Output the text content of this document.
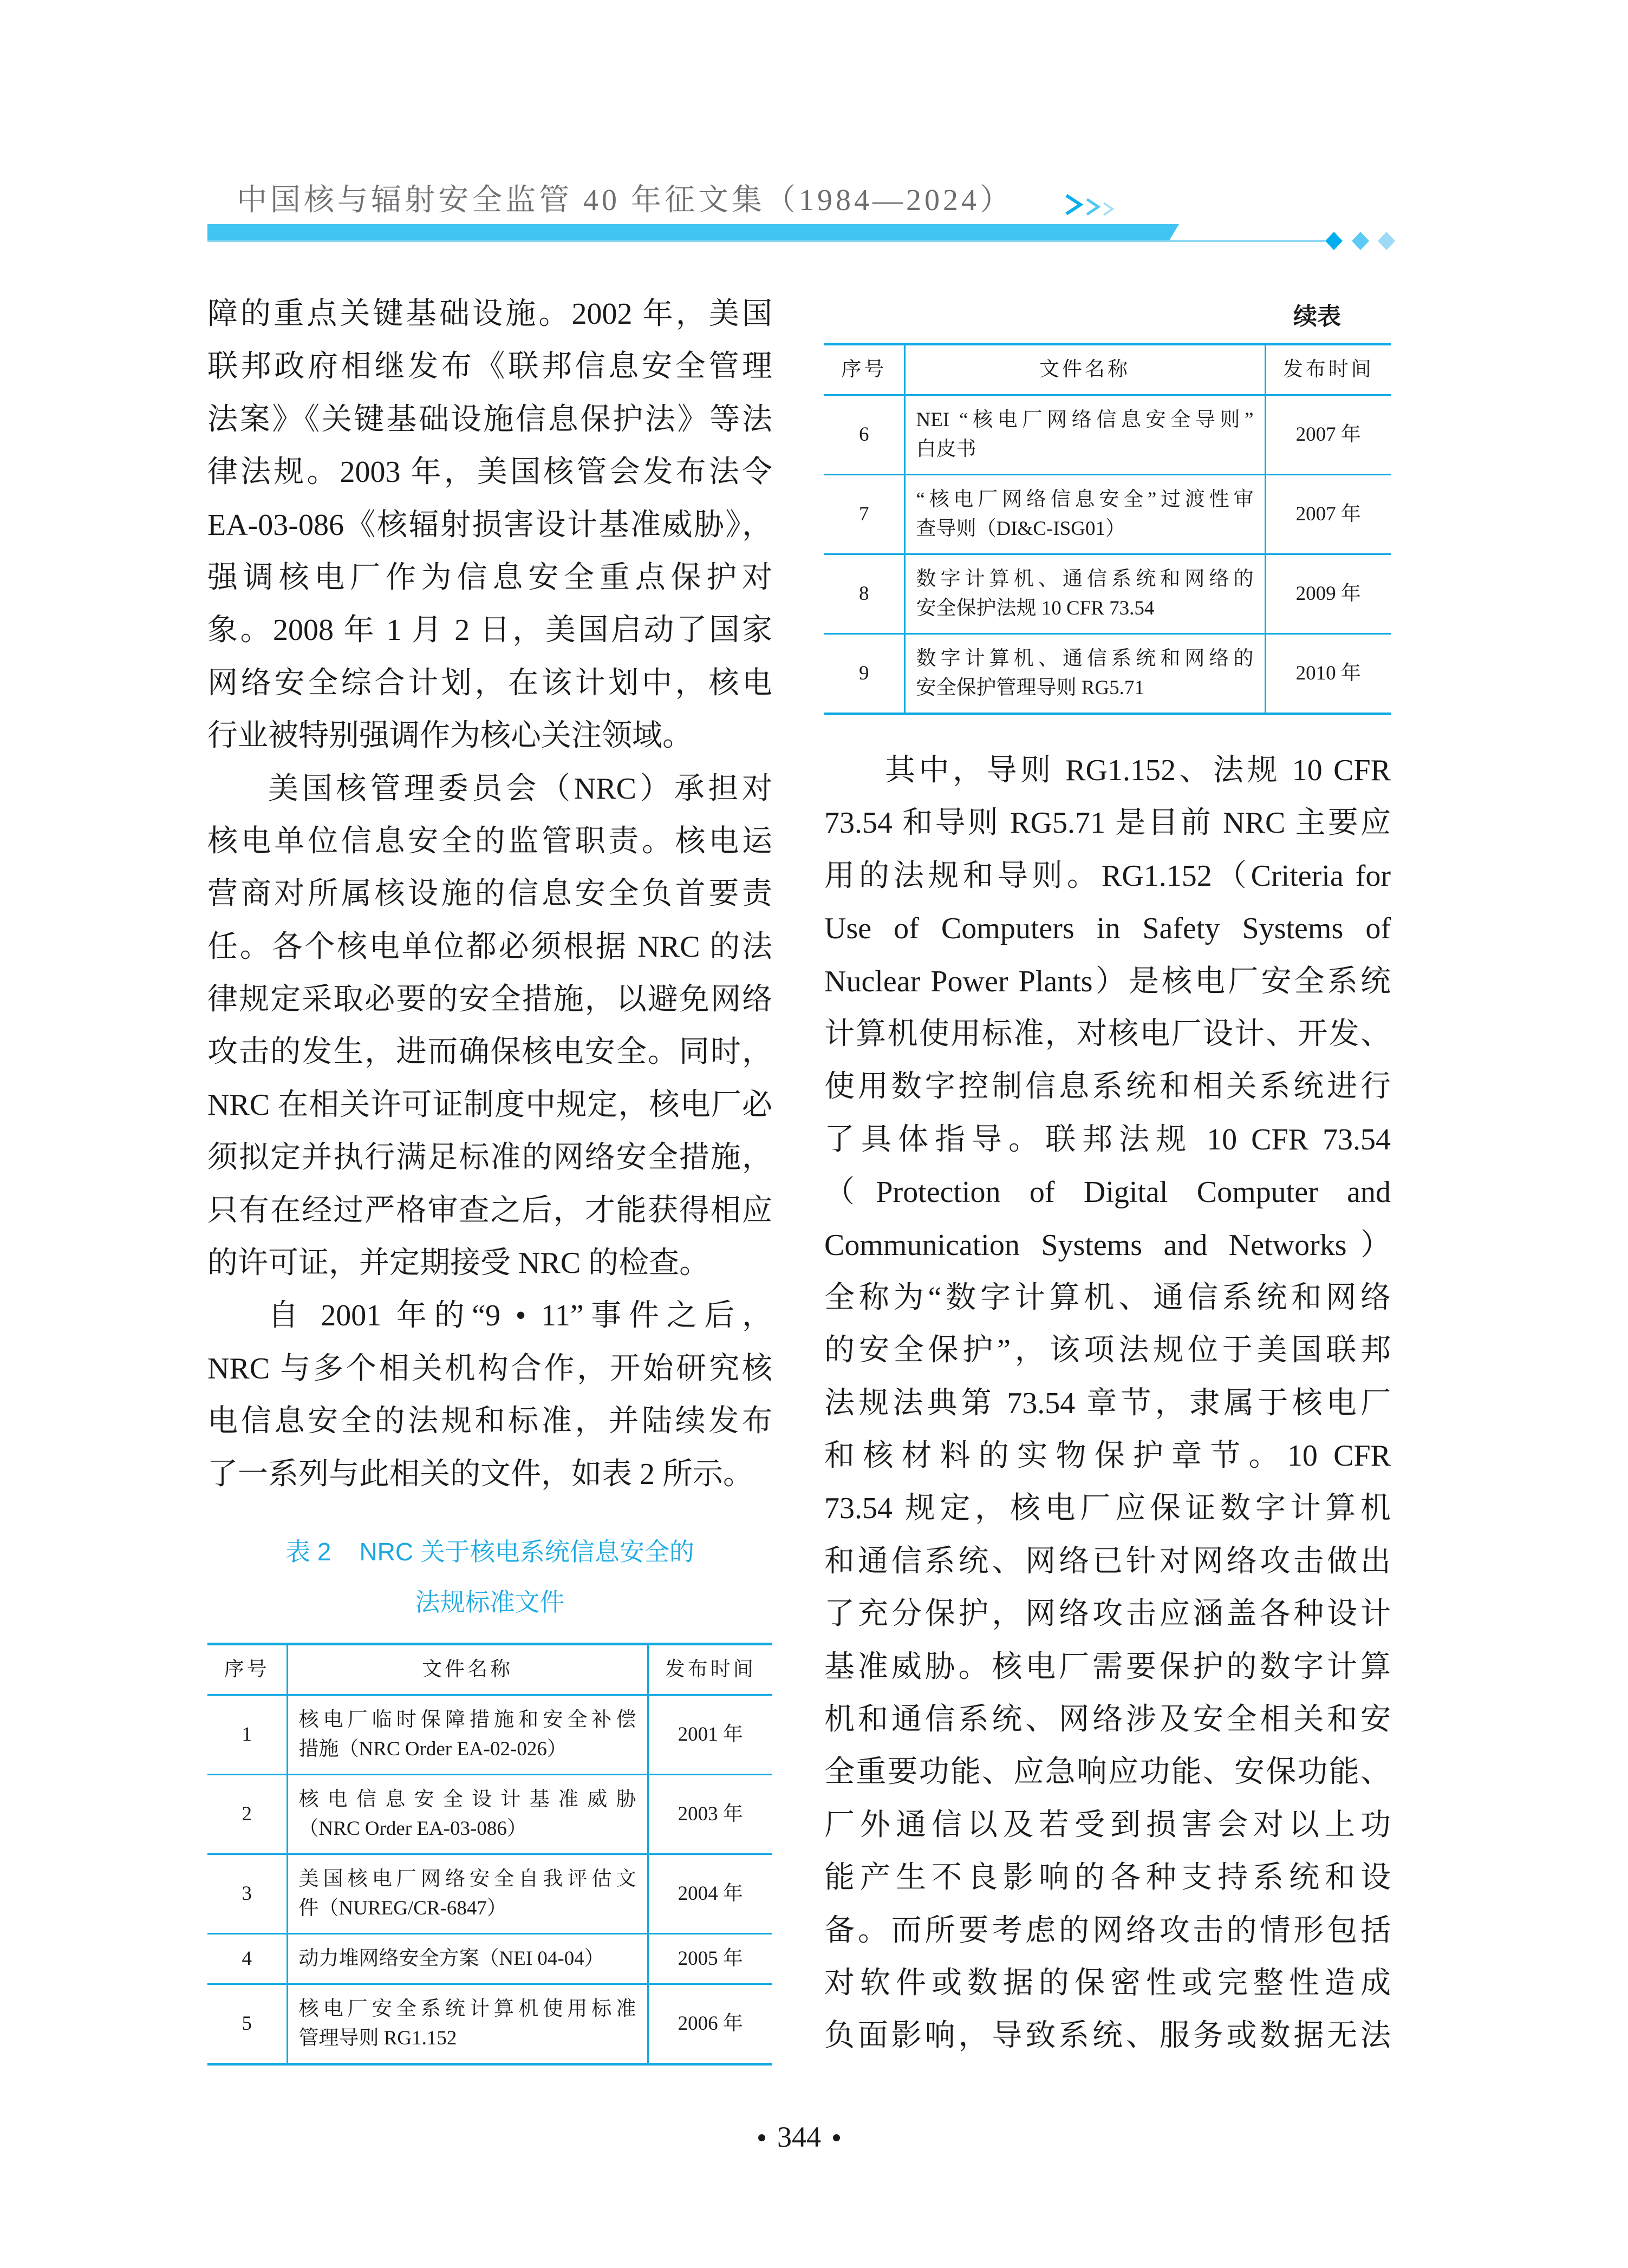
中国核与辐射安全监管 40 年征文集（1984—2024）
障的重点关键基础设施。2002 年，美国
联邦政府相继发布《联邦信息安全管理
法案》《关键基础设施信息保护法》等法
律法规。2003 年，美国核管会发布法令
EA-03-086《核辐射损害设计基准威胁》，
强调核电厂作为信息安全重点保护对
象。2008 年 1 月 2 日，美国启动了国家
网络安全综合计划，在该计划中，核电
行业被特别强调作为核心关注领域。
美国核管理委员会（NRC）承担对
核电单位信息安全的监管职责。核电运
营商对所属核设施的信息安全负首要责
任。各个核电单位都必须根据 NRC 的法
律规定采取必要的安全措施，以避免网络
攻击的发生，进而确保核电安全。同时，
NRC 在相关许可证制度中规定，核电厂必
须拟定并执行满足标准的网络安全措施，
只有在经过严格审查之后，才能获得相应
的许可证，并定期接受 NRC 的检查。
自 2001 年的“9 • 11”事件之后，
NRC 与多个相关机构合作，开始研究核
电信息安全的法规和标准，并陆续发布
了一系列与此相关的文件，如表 2 所示。
表 2 NRC 关于核电系统信息安全的
法规标准文件
序号	文件名称	发布时间
1	核电厂临时保障措施和安全补偿
措施（NRC Order EA-02-026）	2001 年
2	核电信息安全设计基准威胁
（NRC Order EA-03-086）	2003 年
3	美国核电厂网络安全自我评估文
件（NUREG/CR-6847）	2004 年
4	动力堆网络安全方案（NEI 04-04）	2005 年
5	核电厂安全系统计算机使用标准
管理导则 RG1.152	2006 年
续表
序号	文件名称	发布时间
6	NEI “核电厂网络信息安全导则”
白皮书	2007 年
7	“核电厂网络信息安全”过渡性审
查导则（DI&C-ISG01）	2007 年
8	数字计算机、通信系统和网络的
安全保护法规 10 CFR 73.54	2009 年
9	数字计算机、通信系统和网络的
安全保护管理导则 RG5.71	2010 年
其中，导则 RG1.152、法规 10 CFR
73.54 和导则 RG5.71 是目前 NRC 主要应
用的法规和导则。RG1.152（Criteria for
Use of Computers in Safety Systems of
Nuclear Power Plants）是核电厂安全系统
计算机使用标准，对核电厂设计、开发、
使用数字控制信息系统和相关系统进行
了具体指导。联邦法规 10 CFR 73.54
（Protection of Digital Computer and
Communication Systems and Networks）
全称为“数字计算机、通信系统和网络
的安全保护”，该项法规位于美国联邦
法规法典第 73.54 章节，隶属于核电厂
和核材料的实物保护章节。10 CFR
73.54 规定，核电厂应保证数字计算机
和通信系统、网络已针对网络攻击做出
了充分保护，网络攻击应涵盖各种设计
基准威胁。核电厂需要保护的数字计算
机和通信系统、网络涉及安全相关和安
全重要功能、应急响应功能、安保功能、
厂外通信以及若受到损害会对以上功
能产生不良影响的各种支持系统和设
备。而所要考虑的网络攻击的情形包括
对软件或数据的保密性或完整性造成
负面影响，导致系统、服务或数据无法
344
